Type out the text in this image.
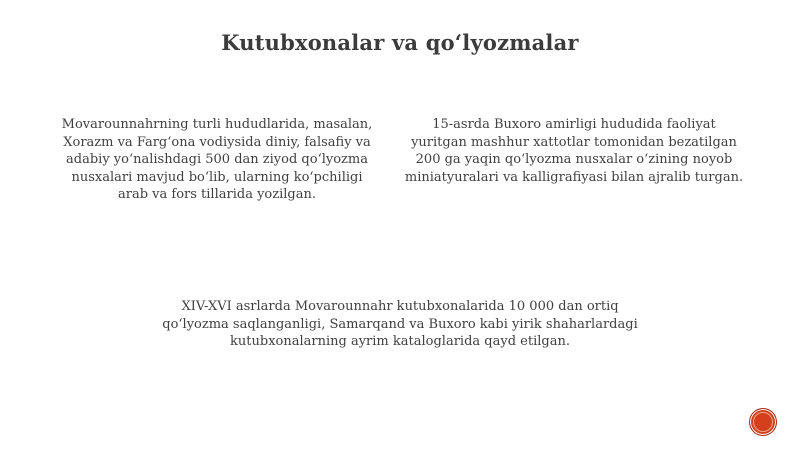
Kutubxonalar va qo‘lyozmalar
Movarounnahrning turli hududlarida, masalan, Xorazm va Farg‘ona vodiysida diniy, falsafiy va adabiy yo‘nalishdagi 500 dan ziyod qo‘lyozma nusxalari mavjud bo‘lib, ularning ko‘pchiligi arab va fors tillarida yozilgan.
15-asrda Buxoro amirligi hududida faoliyat yuritgan mashhur xattotlar tomonidan bezatilgan 200 ga yaqin qo‘lyozma nusxalar o‘zining noyob miniatyuralari va kalligrafiyasi bilan ajralib turgan.
XIV-XVI asrlarda Movarounnahr kutubxonalarida 10 000 dan ortiq qo‘lyozma saqlanganligi, Samarqand va Buxoro kabi yirik shaharlardagi kutubxonalarning ayrim kataloglarida qayd etilgan.
